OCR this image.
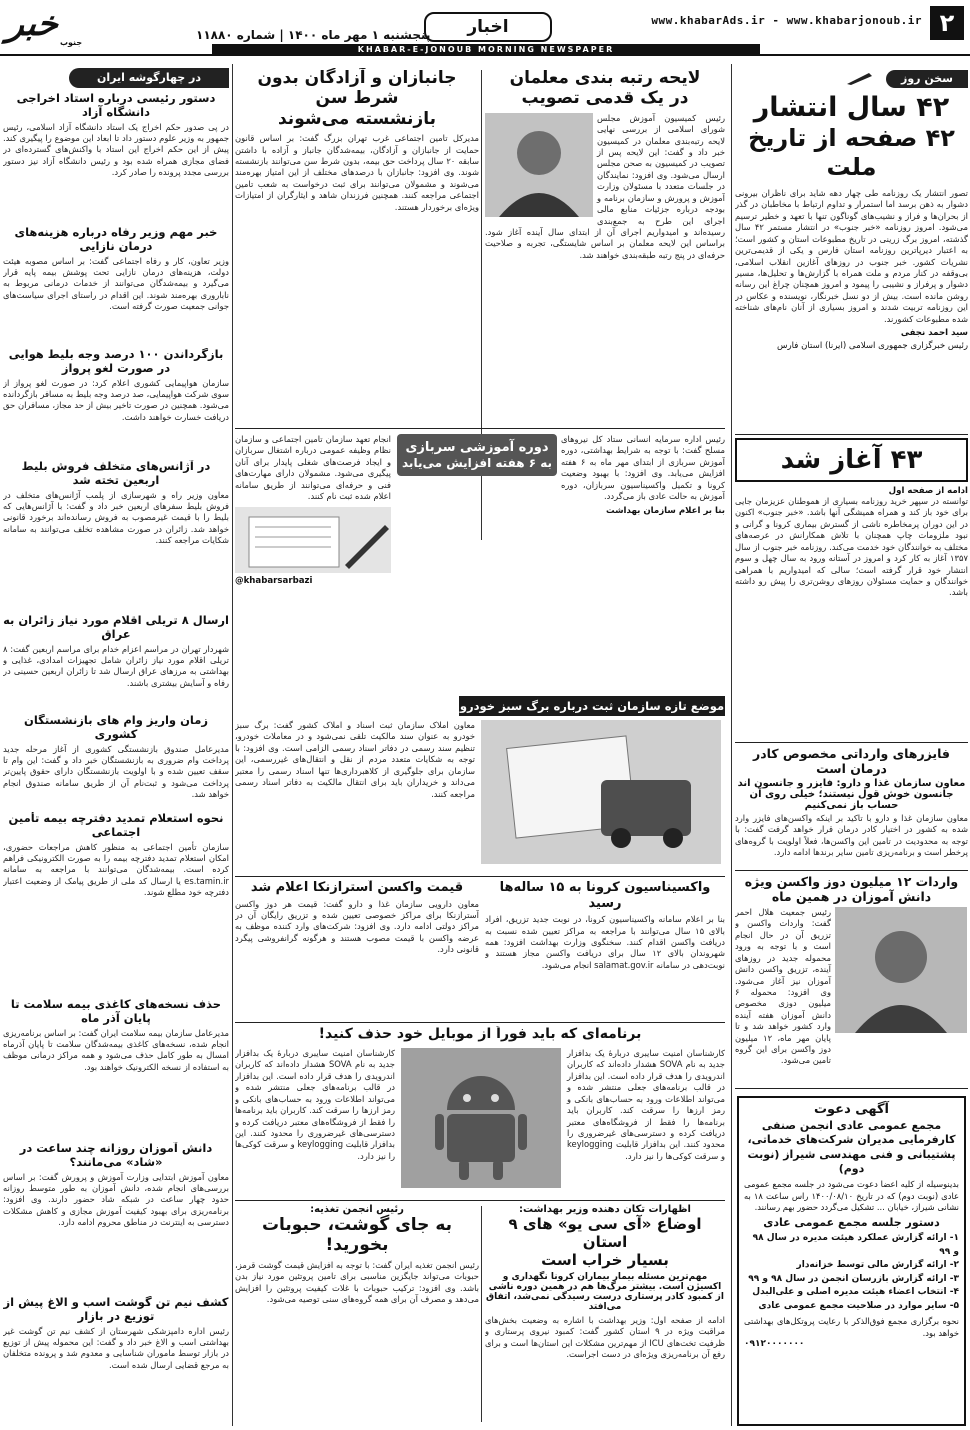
۲
www.khabarAds.ir - www.khabarjonoub.ir
اخبار
پنجشنبه ۱ مهر ماه ۱۴۰۰ | شماره ۱۱۸۸۰
خبر جنوب
KHABAR-E-JONOUB MORNING NEWSPAPER
سخن روز
۴۲ سال انتشار
۴۲ صفحه از تاریخ ملت

تصور انتشار یک روزنامه طی چهار دهه شاید برای ناظران بیرونی دشوار به ذهن برسد اما استمرار و تداوم ارتباط با مخاطبان در گذر از بحران‌ها و فراز و نشیب‌های گوناگون تنها با تعهد و خطیر ترسیم می‌شود. امروز روزنامه «خبر جنوب» در انتشار مستمر ۴۲ سال گذشته، امروز برگ زرینی در تاریخ مطبوعات استان و کشور است؛ به اعتبار دیرپاترین روزنامه استان فارس و یکی از قدیمی‌ترین نشریات کشور. خبر جنوب در روزهای آغازین انقلاب اسلامی، بی‌وقفه در کنار مردم و ملت همراه با گزارش‌ها و تحلیل‌ها، مسیر دشوار و پرفراز و نشیبی را پیمود و امروز همچنان چراغ این رسانه روشن مانده است. بیش از دو نسل خبرنگار، نویسنده و عکاس در این روزنامه تربیت شدند و امروز بسیاری از آنان نام‌های شناخته شده مطبوعات کشورند.

سید احمد نجفی
رئیس خبرگزاری جمهوری اسلامی (ایرنا) استان فارس
۴۳ آغاز شد
ادامه از صفحه اول

توانسته در سپهر خرید روزنامه بسیاری از همو‌طنان عزیزمان جایی برای خود باز کند و همراه همیشگی آنها باشد. «خبر جنوب» اکنون در این دوران پرمخاطره ناشی از گسترش بیماری کرونا و گرانی و نبود ملزومات چاپ همچنان با تلاش همکارانش در عرصه‌های مختلف به خوانندگان خود خدمت می‌کند. روزنامه خبر جنوب از سال ۱۳۵۷ آغاز به کار کرد و امروز در آستانه ورود به سال چهل و سوم انتشار خود قرار گرفته است؛ سالی که امیدواریم با همراهی خوانندگان و حمایت مسئولان روزهای روشن‌تری را پیش رو داشته باشد.

فایزرهای وارداتی مخصوص کادر درمان است
معاون سازمان غذا و دارو: فایزر و جانسون اند جانسون خوش قول نیستند؛ خیلی روی آن حساب باز نمی‌کنیم

معاون سازمان غذا و دارو با تاکید بر اینکه واکسن‌های فایزر وارد شده به کشور در اختیار کادر درمان قرار خواهد گرفت گفت: با توجه به محدودیت در تامین این واکسن‌ها، فعلاً اولویت با گروه‌های پرخطر است و برنامه‌ریزی تامین سایر برندها ادامه دارد.

واردات ۱۲ میلیون دوز واکسن ویژه دانش آموزان در همین ماه

رئیس جمعیت هلال احمر گفت: واردات واکسن و تزریق آن در حال انجام است و با توجه به ورود محموله جدید در روزهای آینده، تزریق واکسن دانش آموزان نیز آغاز می‌شود. وی افزود: محموله ۶ میلیون دوزی مخصوص دانش آموزان هفته آینده وارد کشور خواهد شد و تا پایان مهر ماه، ۱۲ میلیون دوز واکسن برای این گروه تامین می‌شود.

آگهی دعوت
مجمع عمومی عادی انجمن صنفی کارفرمایی مدیران شرکت‌های خدماتی، پشتیبانی و فنی مهندسی شیراز (نوبت دوم)

بدینوسیله از کلیه اعضا دعوت می‌شود در جلسه مجمع عمومی عادی (نوبت دوم) که در تاریخ ۱۴۰۰/۰۸/۱۰ راس ساعت ۱۸ به نشانی شیراز، خیابان ... تشکیل می‌گردد حضور بهم رسانند.

دستور جلسه مجمع عمومی عادی
۱- ارائه گزارش عملکرد هیئت مدیره در سال ۹۸ و ۹۹
۲- ارائه گزارش مالی توسط خزانه‌دار
۳- ارائه گزارش بازرسان انجمن در سال ۹۸ و ۹۹
۴- انتخاب اعضاء هیئت مدیره اصلی و علی‌البدل
۵- سایر موارد در صلاحیت مجمع عمومی عادی

نحوه برگزاری مجمع فوق‌الذکر با رعایت پروتکل‌های بهداشتی خواهد بود.

۰۹۱۲۰۰۰۰۰۰۰
لایحه رتبه بندی معلمان
در یک قدمی تصویب

رئیس کمیسیون آموزش مجلس شورای اسلامی از بررسی نهایی لایحه رتبه‌بندی معلمان در کمیسیون خبر داد و گفت: این لایحه پس از تصویب در کمیسیون به صحن مجلس ارسال می‌شود. وی افزود: نمایندگان در جلسات متعدد با مسئولان وزارت آموزش و پرورش و سازمان برنامه و بودجه درباره جزئیات منابع مالی اجرای این طرح به جمع‌بندی رسیده‌اند و امیدواریم اجرای آن از ابتدای سال آینده آغاز شود. براساس این لایحه معلمان بر اساس شایستگی، تجربه و صلاحیت حرفه‌ای در پنج رتبه طبقه‌بندی خواهند شد.

جانبازان و آزادگان بدون شرط سن
بازنشسته می‌شوند

مدیرکل تامین اجتماعی غرب تهران بزرگ گفت: بر اساس قانون حمایت از جانبازان و آزادگان، بیمه‌شدگان جانباز و آزاده با داشتن سابقه ۲۰ سال پرداخت حق بیمه، بدون شرط سن می‌توانند بازنشسته شوند. وی افزود: جانبازان با درصدهای مختلف از این امتیاز بهره‌مند می‌شوند و مشمولان می‌توانند برای ثبت درخواست به شعب تامین اجتماعی مراجعه کنند. همچنین فرزندان شاهد و ایثارگران از امتیازات ویژه‌ای برخوردار هستند.

دوره آموزشی سربازی
به ۶ هفته افزایش می‌یابد

رئیس اداره سرمایه انسانی ستاد کل نیروهای مسلح گفت: با توجه به شرایط بهداشتی، دوره آموزش سربازی از ابتدای مهر ماه به ۶ هفته افزایش می‌یابد. وی افزود: با بهبود وضعیت کرونا و تکمیل واکسیناسیون سربازان، دوره آموزش به حالت عادی باز می‌گردد.

بنا بر اعلام سازمان بهداشت

انجام تعهد سازمان تامین اجتماعی و سازمان نظام وظیفه عمومی درباره اشتغال سربازان و ایجاد فرصت‌های شغلی پایدار برای آنان پیگیری می‌شود. مشمولان دارای مهارت‌های فنی و حرفه‌ای می‌توانند از طریق سامانه اعلام شده ثبت نام کنند.

@khabarsarbazi
موضع تازه سازمان ثبت درباره برگ سبز خودرو

معاون املاک سازمان ثبت اسناد و املاک کشور گفت: برگ سبز خودرو به عنوان سند مالکیت تلقی نمی‌شود و در معاملات خودرو، تنظیم سند رسمی در دفاتر اسناد رسمی الزامی است. وی افزود: با توجه به شکایات متعدد مردم از نقل و انتقال‌های غیررسمی، این سازمان برای جلوگیری از کلاهبرداری‌ها تنها اسناد رسمی را معتبر می‌داند و خریداران باید برای انتقال مالکیت به دفاتر اسناد رسمی مراجعه کنند.

واکسیناسیون کرونا به ۱۵ ساله‌ها رسید

بنا بر اعلام سامانه واکسیناسیون کرونا، در نوبت جدید تزریق، افراد بالای ۱۵ سال می‌توانند با مراجعه به مراکز تعیین شده نسبت به دریافت واکسن اقدام کنند. سخنگوی وزارت بهداشت افزود: همه شهروندان بالای ۱۲ سال برای دریافت واکسن مجاز هستند و نوبت‌دهی در سامانه salamat.gov.ir انجام می‌شود.

قیمت واکسن آسترازنکا اعلام شد

معاون دارویی سازمان غذا و دارو گفت: قیمت هر دوز واکسن آسترازنکا برای مراکز خصوصی تعیین شده و تزریق رایگان آن در مراکز دولتی ادامه دارد. وی افزود: شرکت‌های وارد کننده موظف به عرضه واکسن با قیمت مصوب هستند و هرگونه گرانفروشی پیگرد قانونی دارد.

برنامه‌ای که باید فوراً از موبایل خود حذف کنید!

کارشناسان امنیت سایبری دربارهٔ یک بدافزار جدید به نام SOVA هشدار داده‌اند که کاربران اندرویدی را هدف قرار داده است. این بدافزار در قالب برنامه‌های جعلی منتشر شده و می‌تواند اطلاعات ورود به حساب‌های بانکی و رمز ارزها را سرقت کند. کاربران باید برنامه‌ها را فقط از فروشگاه‌های معتبر دریافت کرده و دسترسی‌های غیرضروری را محدود کنند. این بدافزار قابلیت keylogging و سرقت کوکی‌ها را نیز دارد.

کارشناسان امنیت سایبری دربارهٔ یک بدافزار جدید به نام SOVA هشدار داده‌اند که کاربران اندرویدی را هدف قرار داده است. این بدافزار در قالب برنامه‌های جعلی منتشر شده و می‌تواند اطلاعات ورود به حساب‌های بانکی و رمز ارزها را سرقت کند. کاربران باید برنامه‌ها را فقط از فروشگاه‌های معتبر دریافت کرده و دسترسی‌های غیرضروری را محدود کنند. این بدافزار قابلیت keylogging و سرقت کوکی‌ها را نیز دارد.

رئیس انجمن تغذیه:
به جای گوشت، حبوبات بخورید!

رئیس انجمن تغذیه ایران گفت: با توجه به افزایش قیمت گوشت قرمز، حبوبات می‌تواند جایگزین مناسبی برای تامین پروتئین مورد نیاز بدن باشد. وی افزود: ترکیب حبوبات با غلات کیفیت پروتئین را افزایش می‌دهد و مصرف آن برای همه گروه‌های سنی توصیه می‌شود.

اظهارات تکان دهنده وزیر بهداشت:
اوضاع «آی سی یو» های ۹ استان
بسیار خراب است
مهم‌ترین مسئله بیمار بیماران کرونا نگهداری و اکسیژن است. بیشتر مرگ‌ها هم در همین دوره ناشی از کمبود کادر پرستاری درست رسیدگی نمی‌شد، اتفاق می‌افتد

ادامه از صفحه اول: وزیر بهداشت با اشاره به وضعیت بخش‌های مراقبت ویژه در ۹ استان کشور گفت: کمبود نیروی پرستاری و ظرفیت تخت‌های ICU از مهم‌ترین مشکلات این استان‌ها است و برای رفع آن برنامه‌ریزی ویژه‌ای در دست اجراست.

در چهارگوشه ایران
دستور رئیسی درباره استاد اخراجی دانشگاه آزاد

در پی صدور حکم اخراج یک استاد دانشگاه آزاد اسلامی، رئیس جمهور به وزیر علوم دستور داد تا ابعاد این موضوع را پیگیری کند. پیش از این حکم اخراج این استاد با واکنش‌های گسترده‌ای در فضای مجازی همراه شده بود و رئیس دانشگاه آزاد نیز دستور بررسی مجدد پرونده را صادر کرد.

خبر مهم وزیر رفاه درباره هزینه‌های درمان نازایی

وزیر تعاون، کار و رفاه اجتماعی گفت: بر اساس مصوبه هیئت دولت، هزینه‌های درمان نازایی تحت پوشش بیمه پایه قرار می‌گیرد و بیمه‌شدگان می‌توانند از خدمات درمانی مربوط به ناباروری بهره‌مند شوند. این اقدام در راستای اجرای سیاست‌های جوانی جمعیت صورت گرفته است.

بازگرداندن ۱۰۰ درصد وجه بلیط هوایی در صورت لغو پرواز

سازمان هواپیمایی کشوری اعلام کرد: در صورت لغو پرواز از سوی شرکت هواپیمایی، صد درصد وجه بلیط به مسافر بازگردانده می‌شود. همچنین در صورت تاخیر بیش از حد مجاز، مسافران حق دریافت خسارت خواهند داشت.

در آژانس‌های متخلف فروش بلیط اربعین تخته شد

معاون وزیر راه و شهرسازی از پلمب آژانس‌های متخلف در فروش بلیط سفرهای اربعین خبر داد و گفت: با آژانس‌هایی که بلیط را با قیمت غیرمصوب به فروش رسانده‌اند برخورد قانونی خواهد شد. زائران در صورت مشاهده تخلف می‌توانند به سامانه شکایات مراجعه کنند.

ارسال ۸ تریلی اقلام مورد نیاز زائران به عراق

شهردار تهران در مراسم اعزام خدام برای مراسم اربعین گفت: ۸ تریلی اقلام مورد نیاز زائران شامل تجهیزات امدادی، غذایی و بهداشتی به مرزهای عراق ارسال شد تا زائران اربعین حسینی در رفاه و آسایش بیشتری باشند.

زمان واریز وام های بازنشستگان کشوری

مدیرعامل صندوق بازنشستگی کشوری از آغاز مرحله جدید پرداخت وام ضروری به بازنشستگان خبر داد و گفت: این وام تا سقف تعیین شده و با اولویت بازنشستگان دارای حقوق پایین‌تر پرداخت می‌شود و ثبت‌نام آن از طریق سامانه صندوق انجام خواهد شد.

نحوه استعلام تمدید دفترچه بیمه تأمین اجتماعی

سازمان تأمین اجتماعی به منظور کاهش مراجعات حضوری، امکان استعلام تمدید دفترچه بیمه را به صورت الکترونیکی فراهم کرده است. بیمه‌شدگان می‌توانند با مراجعه به سامانه es.tamin.ir یا ارسال کد ملی از طریق پیامک از وضعیت اعتبار دفترچه خود مطلع شوند.

حذف نسخه‌های کاغذی بیمه سلامت تا پایان آذر ماه

مدیرعامل سازمان بیمه سلامت ایران گفت: بر اساس برنامه‌ریزی انجام شده، نسخه‌های کاغذی بیمه‌شدگان سلامت تا پایان آذرماه امسال به طور کامل حذف می‌شود و همه مراکز درمانی موظف به استفاده از نسخه الکترونیک خواهند بود.

دانش آموزان روزانه چند ساعت در «شاد» می‌مانند؟

معاون آموزش ابتدایی وزارت آموزش و پرورش گفت: بر اساس بررسی‌های انجام شده، دانش آموزان به طور متوسط روزانه حدود چهار ساعت در شبکه شاد حضور دارند. وی افزود: برنامه‌ریزی برای بهبود کیفیت آموزش مجازی و کاهش مشکلات دسترسی به اینترنت در مناطق محروم ادامه دارد.

کشف نیم تن گوشت اسب و الاغ پیش از توزیع در بازار

رئیس اداره دامپزشکی شهرستان از کشف نیم تن گوشت غیر بهداشتی اسب و الاغ خبر داد و گفت: این محموله پیش از توزیع در بازار توسط ماموران شناسایی و معدوم شد و پرونده متخلفان به مرجع قضایی ارسال شده است.
